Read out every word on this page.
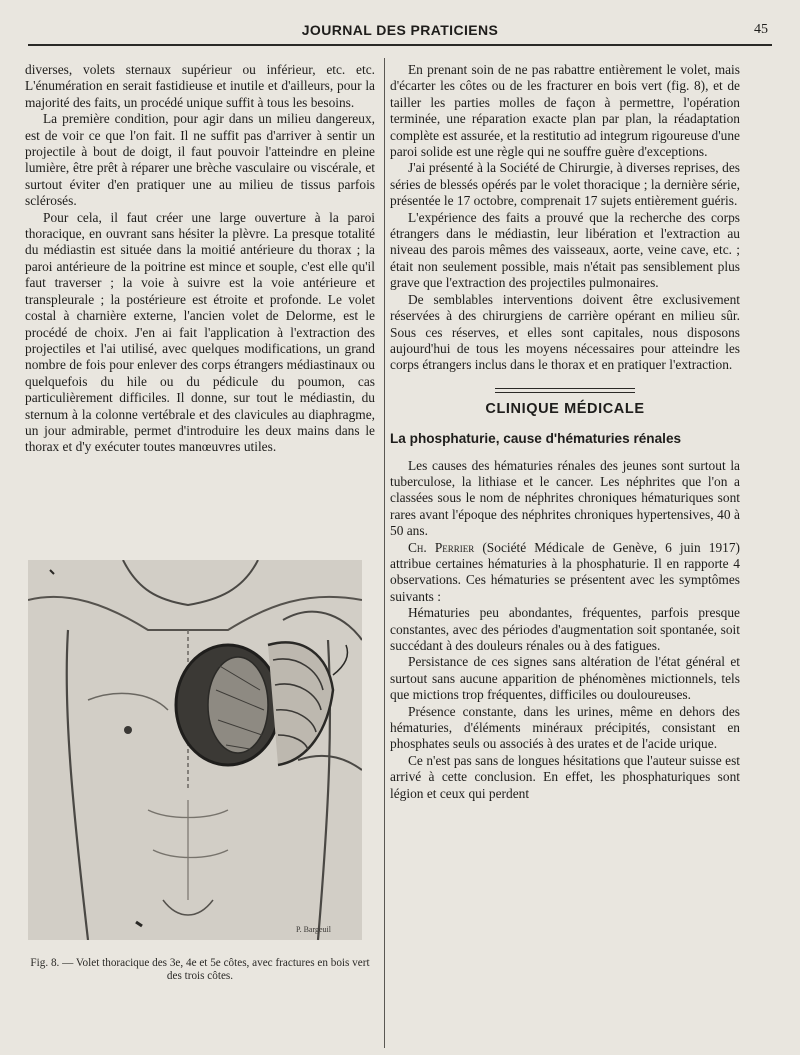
JOURNAL DES PRATICIENS	45

diverses, volets sternaux supérieur ou inférieur, etc. etc. L'énumération en serait fastidieuse et inutile et d'ailleurs, pour la majorité des faits, un procédé unique suffit à tous les besoins.

La première condition, pour agir dans un milieu dangereux, est de voir ce que l'on fait. Il ne suffit pas d'arriver à sentir un projectile à bout de doigt, il faut pouvoir l'atteindre en pleine lumière, être prêt à réparer une brèche vasculaire ou viscérale, et surtout éviter d'en pratiquer une au milieu de tissus parfois sclérosés.

Pour cela, il faut créer une large ouverture à la paroi thoracique, en ouvrant sans hésiter la plèvre. La presque totalité du médiastin est située dans la moitié antérieure du thorax ; la paroi antérieure de la poitrine est mince et souple, c'est elle qu'il faut traverser ; la voie à suivre est la voie antérieure et transpleurale ; la postérieure est étroite et profonde. Le volet costal à charnière externe, l'ancien volet de Delorme, est le procédé de choix. J'en ai fait l'application à l'extraction des projectiles et l'ai utilisé, avec quelques modifications, un grand nombre de fois pour enlever des corps étrangers médiastinaux ou quelquefois du hile ou du pédicule du poumon, cas particulièrement difficiles. Il donne, sur tout le médiastin, du sternum à la colonne vertébrale et des clavicules au diaphragme, un jour admirable, permet d'introduire les deux mains dans le thorax et d'y exécuter toutes manœuvres utiles.

P. Bargeuil
Fig. 8. — Volet thoracique des 3e, 4e et 5e côtes, avec fractures en bois vert des trois côtes.

En prenant soin de ne pas rabattre entièrement le volet, mais d'écarter les côtes ou de les fracturer en bois vert (fig. 8), et de tailler les parties molles de façon à permettre, l'opération terminée, une réparation exacte plan par plan, la réadaptation complète est assurée, et la restitutio ad integrum rigoureuse d'une paroi solide est une règle qui ne souffre guère d'exceptions.

J'ai présenté à la Société de Chirurgie, à diverses reprises, des séries de blessés opérés par le volet thoracique ; la dernière série, présentée le 17 octobre, comprenait 17 sujets entièrement guéris.

L'expérience des faits a prouvé que la recherche des corps étrangers dans le médiastin, leur libération et l'extraction au niveau des parois mêmes des vaisseaux, aorte, veine cave, etc. ; était non seulement possible, mais n'était pas sensiblement plus grave que l'extraction des projectiles pulmonaires.

De semblables interventions doivent être exclusivement réservées à des chirurgiens de carrière opérant en milieu sûr. Sous ces réserves, et elles sont capitales, nous disposons aujourd'hui de tous les moyens nécessaires pour atteindre les corps étrangers inclus dans le thorax et en pratiquer l'extraction.

CLINIQUE MÉDICALE
La phosphaturie, cause d'hématuries rénales

Les causes des hématuries rénales des jeunes sont surtout la tuberculose, la lithiase et le cancer. Les néphrites que l'on a classées sous le nom de néphrites chroniques hématuriques sont rares avant l'époque des néphrites chroniques hypertensives, 40 à 50 ans.

Ch. Perrier (Société Médicale de Genève, 6 juin 1917) attribue certaines hématuries à la phosphaturie. Il en rapporte 4 observations. Ces hématuries se présentent avec les symptômes suivants :

Hématuries peu abondantes, fréquentes, parfois presque constantes, avec des périodes d'augmentation soit spontanée, soit succédant à des douleurs rénales ou à des fatigues.

Persistance de ces signes sans altération de l'état général et surtout sans aucune apparition de phénomènes mictionnels, tels que mictions trop fréquentes, difficiles ou douloureuses.

Présence constante, dans les urines, même en dehors des hématuries, d'éléments minéraux précipités, consistant en phosphates seuls ou associés à des urates et de l'acide urique.

Ce n'est pas sans de longues hésitations que l'auteur suisse est arrivé à cette conclusion. En effet, les phosphaturiques sont légion et ceux qui perdent
